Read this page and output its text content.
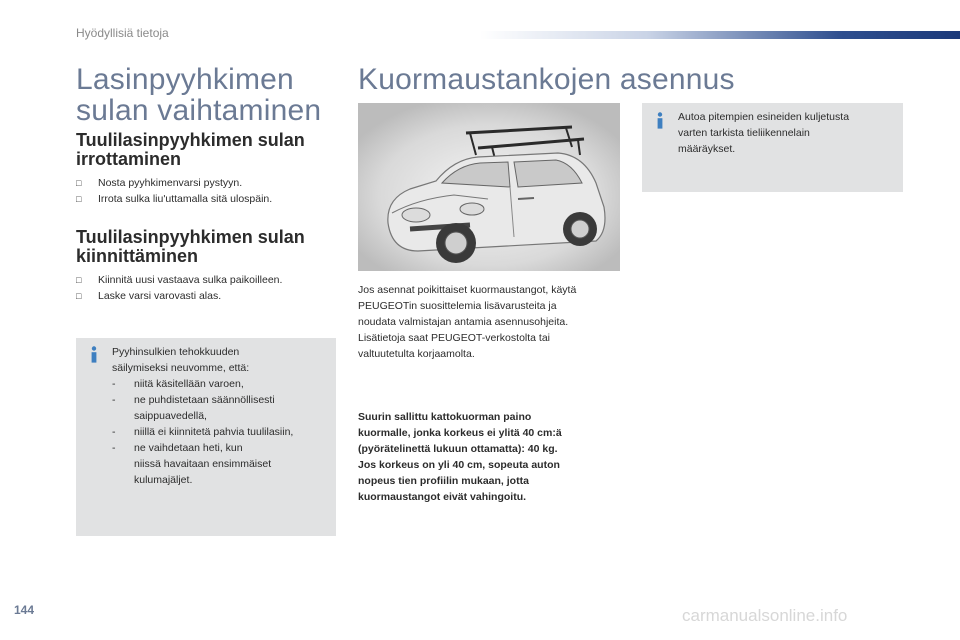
Hyödyllisiä tietoja
Lasinpyyhkimen
sulan vaihtaminen
Tuulilasinpyyhkimen sulan
irrottaminen
□	Nosta pyyhkimenvarsi pystyyn.
□	Irrota sulka liu'uttamalla sitä ulospäin.
Tuulilasinpyyhkimen sulan
kiinnittäminen
□	Kiinnitä uusi vastaava sulka paikoilleen.
□	Laske varsi varovasti alas.
Pyyhinsulkien tehokkuuden
säilymiseksi neuvomme, että:
-	niitä käsitellään varoen,
-	ne puhdistetaan säännöllisesti
saippuavedellä,
-	niillä ei kiinnitetä pahvia tuulilasiin,
-	ne vaihdetaan heti, kun
niissä havaitaan ensimmäiset
kulumajäljet.
Kuormaustankojen asennus
Autoa pitempien esineiden kuljetusta
varten tarkista tieliikennelain
määräykset.
Jos asennat poikittaiset kuormaustangot, käytä
PEUGEOTin suosittelemia lisävarusteita ja
noudata valmistajan antamia asennusohjeita.
Lisätietoja saat PEUGEOT-verkostolta tai
valtuutetulta korjaamolta.
Suurin sallittu kattokuorman paino
kuormalle, jonka korkeus ei ylitä 40 cm:ä
(pyörätelinettä lukuun ottamatta): 40 kg.
Jos korkeus on yli 40 cm, sopeuta auton
nopeus tien profiilin mukaan, jotta
kuormaustangot eivät vahingoitu.
144	carmanualsonline.info
